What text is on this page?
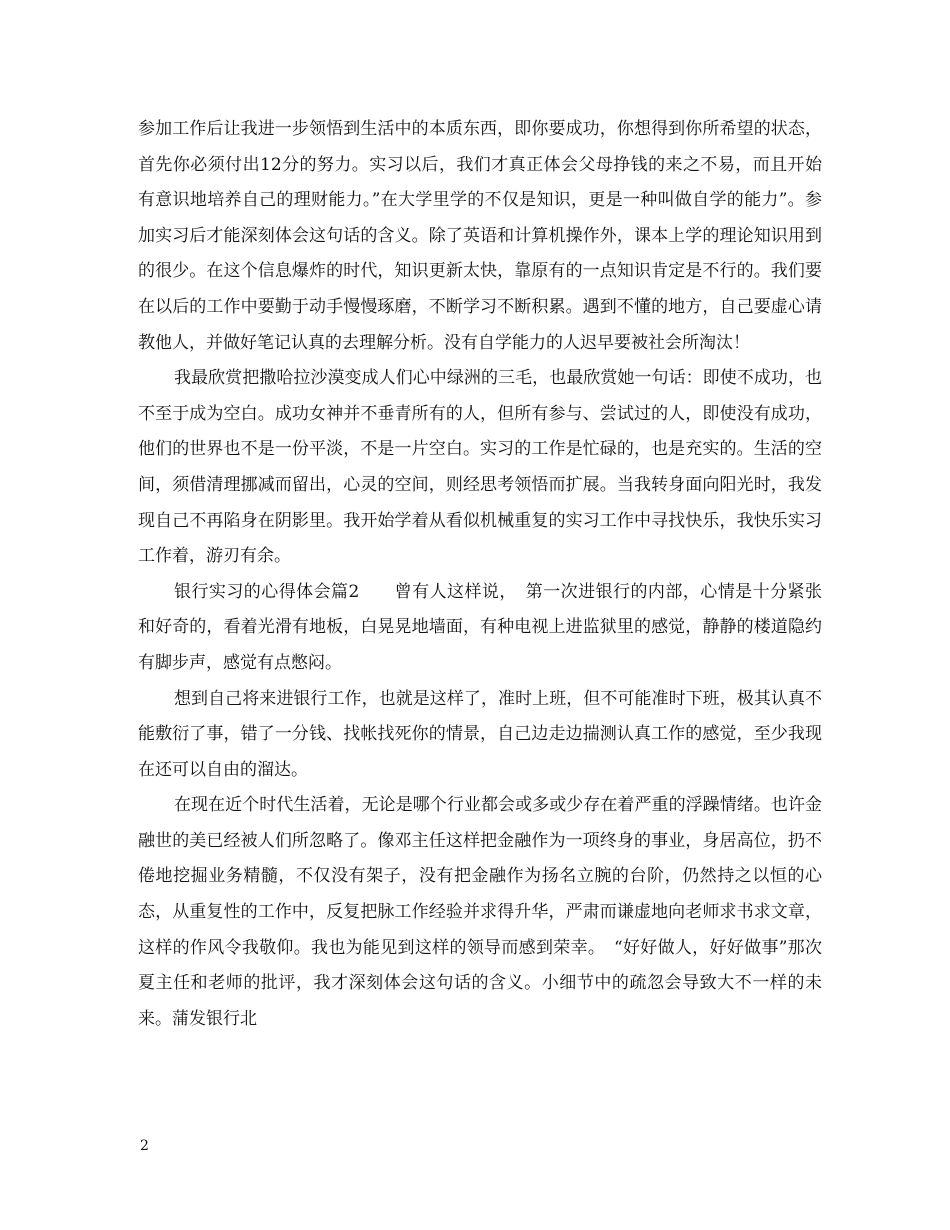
参加工作后让我进一步领悟到生活中的本质东西，即你要成功，你想得到你所希望的状态，首先你必须付出12分的努力。实习以后，我们才真正体会父母挣钱的来之不易，而且开始有意识地培养自己的理财能力。”在大学里学的不仅是知识，更是一种叫做自学的能力”。参加实习后才能深刻体会这句话的含义。除了英语和计算机操作外，课本上学的理论知识用到的很少。在这个信息爆炸的时代，知识更新太快，靠原有的一点知识肯定是不行的。我们要在以后的工作中要勤于动手慢慢琢磨，不断学习不断积累。遇到不懂的地方，自己要虚心请教他人，并做好笔记认真的去理解分析。没有自学能力的人迟早要被社会所淘汰！

我最欣赏把撒哈拉沙漠变成人们心中绿洲的三毛，也最欣赏她一句话：即使不成功，也不至于成为空白。成功女神并不垂青所有的人，但所有参与、尝试过的人，即使没有成功，他们的世界也不是一份平淡，不是一片空白。实习的工作是忙碌的，也是充实的。生活的空间，须借清理挪减而留出，心灵的空间，则经思考领悟而扩展。当我转身面向阳光时，我发现自己不再陷身在阴影里。我开始学着从看似机械重复的实习工作中寻找快乐，我快乐实习工作着，游刃有余。

银行实习的心得体会篇2　　曾有人这样说，　第一次进银行的内部，心情是十分紧张和好奇的，看着光滑有地板，白晃晃地墙面，有种电视上进监狱里的感觉，静静的楼道隐约有脚步声，感觉有点憋闷。

想到自己将来进银行工作，也就是这样了，准时上班，但不可能准时下班，极其认真不能敷衍了事，错了一分钱、找帐找死你的情景，自己边走边揣测认真工作的感觉，至少我现在还可以自由的溜达。

在现在近个时代生活着，无论是哪个行业都会或多或少存在着严重的浮躁情绪。也许金融世的美已经被人们所忽略了。像邓主任这样把金融作为一项终身的事业，身居高位，扔不倦地挖掘业务精髓，不仅没有架子，没有把金融作为扬名立腕的台阶，仍然持之以恒的心态，从重复性的工作中，反复把脉工作经验并求得升华，严肃而谦虚地向老师求书求文章，这样的作风令我敬仰。我也为能见到这样的领导而感到荣幸。　“好好做人，好好做事”那次夏主任和老师的批评，我才深刻体会这句话的含义。小细节中的疏忽会导致大不一样的未来。蒲发银行北

2
